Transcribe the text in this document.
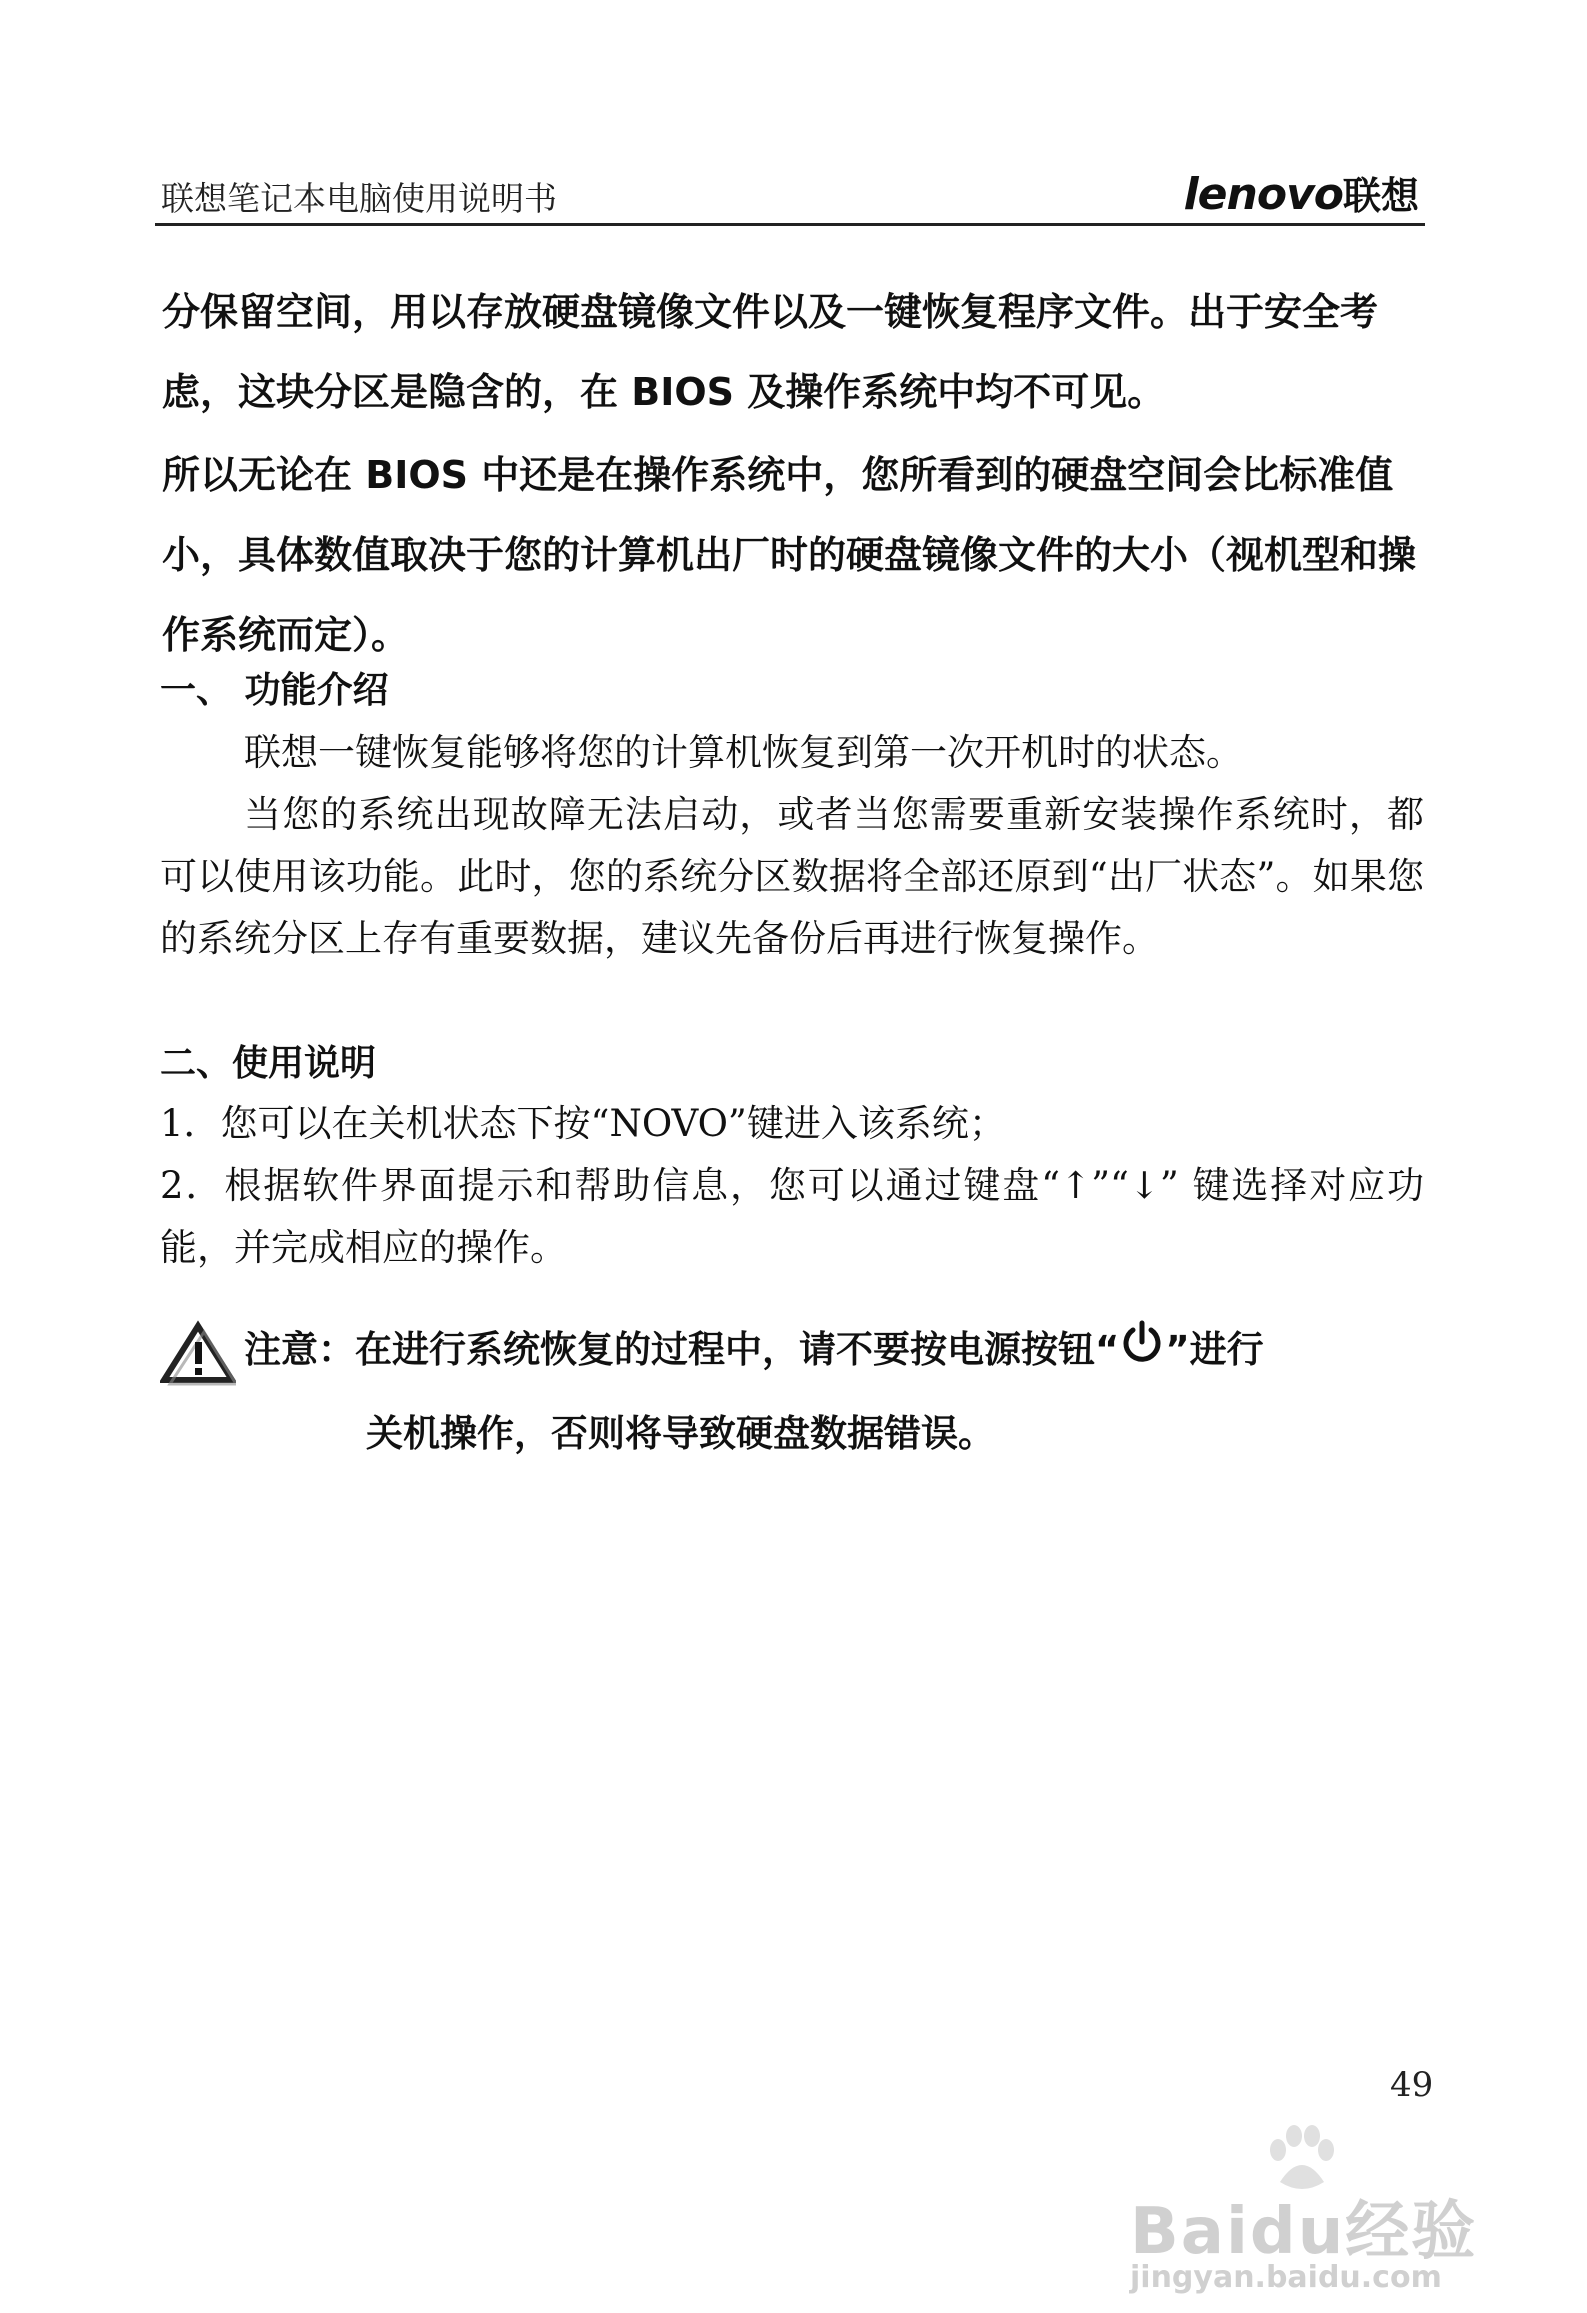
联想笔记本电脑使用说明书	lenovo联想
分保留空间，用以存放硬盘镜像文件以及一键恢复程序文件。出于安全考虑，这块分区是隐含的，在 BIOS 及操作系统中均不可见。
所以无论在 BIOS 中还是在操作系统中，您所看到的硬盘空间会比标准值小，具体数值取决于您的计算机出厂时的硬盘镜像文件的大小（视机型和操作系统而定）。
一、 功能介绍
联想一键恢复能够将您的计算机恢复到第一次开机时的状态。
当您的系统出现故障无法启动，或者当您需要重新安装操作系统时，都可以使用该功能。此时，您的系统分区数据将全部还原到“出厂状态”。如果您的系统分区上存有重要数据，建议先备份后再进行恢复操作。
二、使用说明
1．您可以在关机状态下按“NOVO”键进入该系统；
2．根据软件界面提示和帮助信息，您可以通过键盘“↑”“↓” 键选择对应功能，并完成相应的操作。
注意：在进行系统恢复的过程中，请不要按电源按钮“ ”进行
关机操作，否则将导致硬盘数据错误。
49
Baidu经验
jingyan.baidu.com
